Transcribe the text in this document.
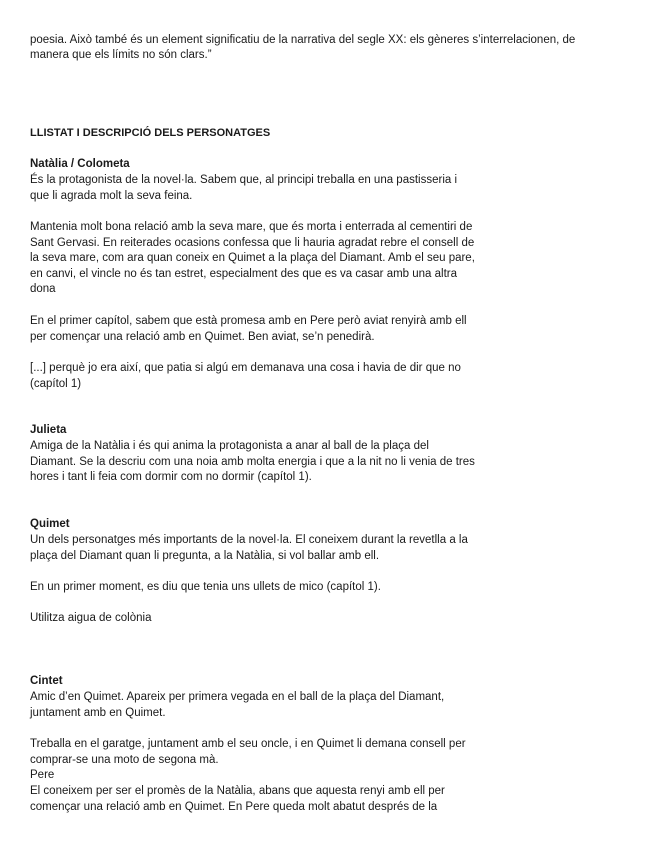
poesia. Això també és un element significatiu de la narrativa del segle XX: els gèneres s’interrelacionen, de

manera que els límits no són clars.”

LLISTAT I DESCRIPCIÓ DELS PERSONATGES

Natàlia / Colometa

És la protagonista de la novel·la. Sabem que, al principi treballa en una pastisseria i que li agrada molt la seva feina.

Mantenia molt bona relació amb la seva mare, que és morta i enterrada al cementiri de Sant Gervasi. En reiterades ocasions confessa que li hauria agradat rebre el consell de la seva mare, com ara quan coneix en Quimet a la plaça del Diamant. Amb el seu pare, en canvi, el vincle no és tan estret, especialment des que es va casar amb una altra dona

En el primer capítol, sabem que està promesa amb en Pere però aviat renyirà amb ell per començar una relació amb en Quimet. Ben aviat, se’n penedirà.

[...] perquè jo era així, que patia si algú em demanava una cosa i havia de dir que no (capítol 1)

Julieta

Amiga de la Natàlia i és qui anima la protagonista a anar al ball de la plaça del Diamant. Se la descriu com una noia amb molta energia i que a la nit no li venia de tres hores i tant li feia com dormir com no dormir (capítol 1).

Quimet

Un dels personatges més importants de la novel·la. El coneixem durant la revetlla a la plaça del Diamant quan li pregunta, a la Natàlia, si vol ballar amb ell.

En un primer moment, es diu que tenia uns ullets de mico (capítol 1).

Utilitza aigua de colònia

Cintet

Amic d’en Quimet. Apareix per primera vegada en el ball de la plaça del Diamant, juntament amb en Quimet.

Treballa en el garatge, juntament amb el seu oncle, i en Quimet li demana consell per comprar-se una moto de segona mà.

Pere

El coneixem per ser el promès de la Natàlia, abans que aquesta renyi amb ell per començar una relació amb en Quimet. En Pere queda molt abatut després de la
